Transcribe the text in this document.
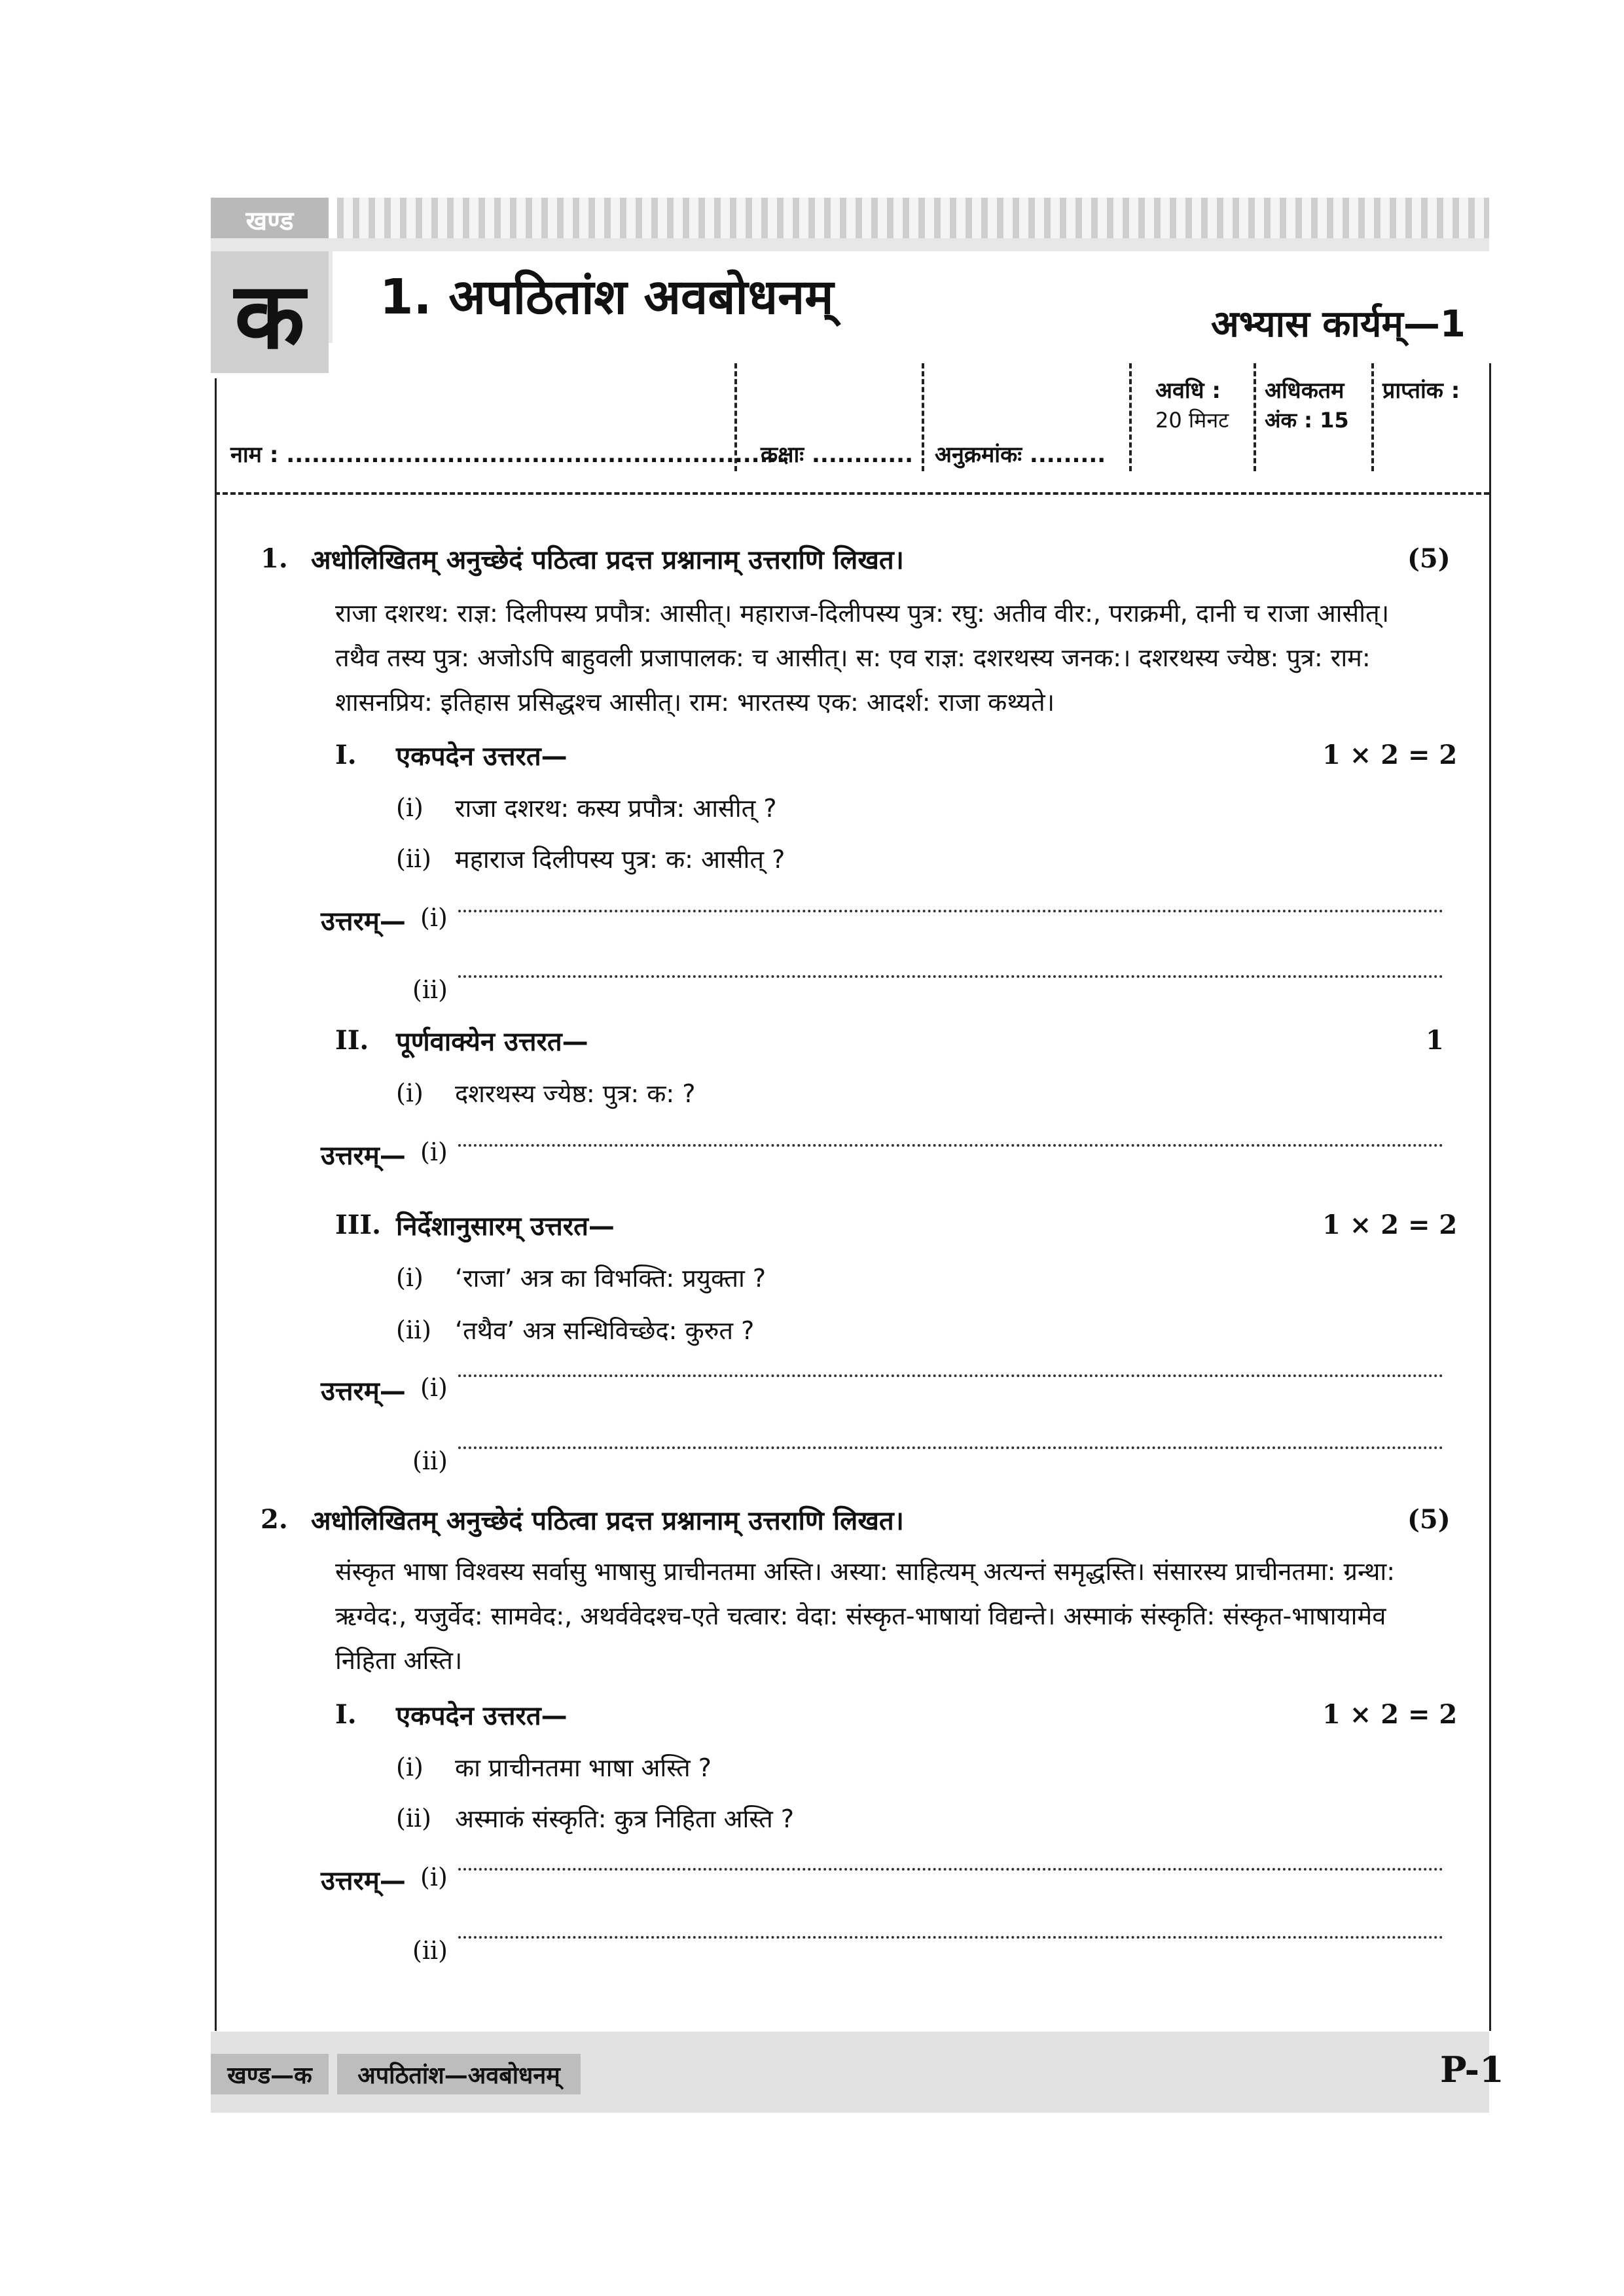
खण्ड
क	1. अपठितांश अवबोधनम्	अभ्यास कार्यम्—1
नाम : ...........................................................
कक्षाः ............ अनुक्रमांकः .........
अवधि :
20 मिनट
अधिकतम
अंक : 15
प्राप्तांक :
1. अधोलिखितम् अनुच्छेदं पठित्वा प्रदत्त प्रश्नानाम् उत्तराणि लिखत।	(5)
राजा दशरथ: राज्ञ: दिलीपस्य प्रपौत्र: आसीत्। महाराज-दिलीपस्य पुत्र: रघु: अतीव वीर:, पराक्रमी, दानी च राजा आसीत्।
तथैव तस्य पुत्र: अजोऽपि बाहुवली प्रजापालक: च आसीत्। स: एव राज्ञ: दशरथस्य जनक:। दशरथस्य ज्येष्ठ: पुत्र: राम:
शासनप्रिय: इतिहास प्रसिद्धश्च आसीत्। राम: भारतस्य एक: आदर्श: राजा कथ्यते।
I. एकपदेन उत्तरत—	1 × 2 = 2
(i) राजा दशरथ: कस्य प्रपौत्र: आसीत् ?
(ii) महाराज दिलीपस्य पुत्र: क: आसीत् ?
उत्तरम्— (i)
(ii)
II. पूर्णवाक्येन उत्तरत—	1
(i) दशरथस्य ज्येष्ठ: पुत्र: क: ?
उत्तरम्— (i)
III. निर्देशानुसारम् उत्तरत—	1 × 2 = 2
(i) ‘राजा’ अत्र का विभक्ति: प्रयुक्ता ?
(ii) ‘तथैव’ अत्र सन्धिविच्छेद: कुरुत ?
उत्तरम्— (i)
(ii)
2. अधोलिखितम् अनुच्छेदं पठित्वा प्रदत्त प्रश्नानाम् उत्तराणि लिखत।	(5)
संस्कृत भाषा विश्वस्य सर्वासु भाषासु प्राचीनतमा अस्ति। अस्या: साहित्यम् अत्यन्तं समृद्धस्ति। संसारस्य प्राचीनतमा: ग्रन्था:
ऋग्वेद:, यजुर्वेद: सामवेद:, अथर्ववेदश्च-एते चत्वार: वेदा: संस्कृत-भाषायां विद्यन्ते। अस्माकं संस्कृति: संस्कृत-भाषायामेव
निहिता अस्ति।
I. एकपदेन उत्तरत—	1 × 2 = 2
(i) का प्राचीनतमा भाषा अस्ति ?
(ii) अस्माकं संस्कृति: कुत्र निहिता अस्ति ?
उत्तरम्— (i)
(ii)
खण्ड—क	अपठितांश—अवबोधनम्	P-1
